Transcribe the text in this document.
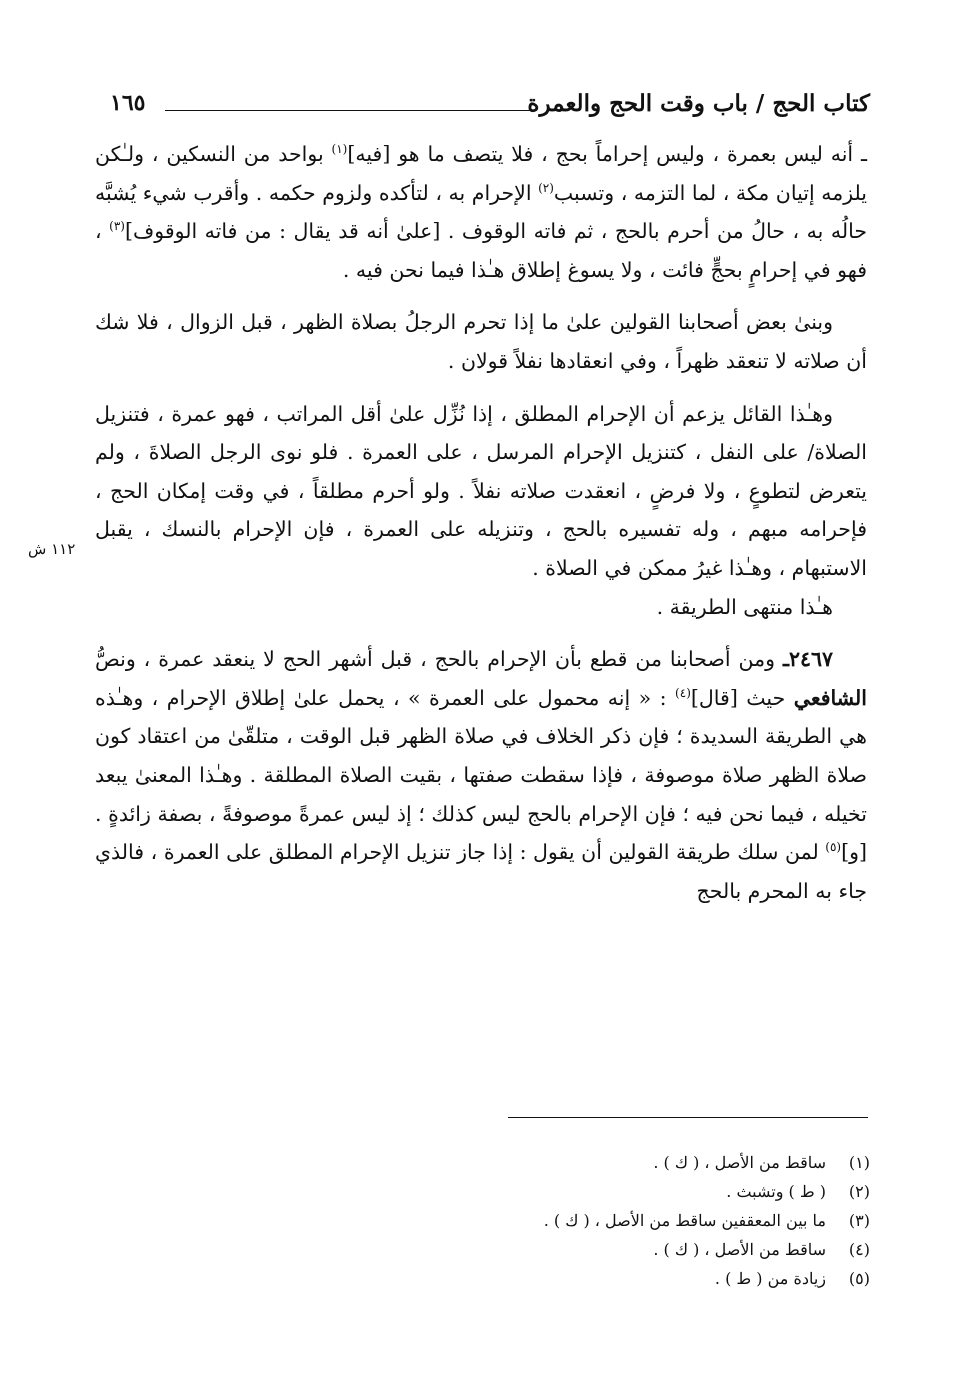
كتاب الحج / باب وقت الحج والعمرة
١٦٥
١١٢ ش

ـ أنه ليس بعمرة ، وليس إحراماً بحج ، فلا يتصف ما هو [فيه]$^{(١)}$ بواحد من النسكين ، ولـٰكن يلزمه إتيان مكة ، لما التزمه ، وتسبب$^{(٢)}$ الإحرام به ، لتأكده ولزوم حكمه . وأقرب شيء يُشبَّه حالُه به ، حالُ من أحرم بالحج ، ثم فاته الوقوف . [علىٰ أنه قد يقال : من فاته الوقوف]$^{(٣)}$ ، فهو في إحرامٍ بحجٍّ فائت ، ولا يسوغ إطلاق هـٰذا فيما نحن فيه .

وبنىٰ بعض أصحابنا القولين علىٰ ما إذا تحرم الرجلُ بصلاة الظهر ، قبل الزوال ، فلا شك أن صلاته لا تنعقد ظهراً ، وفي انعقادها نفلاً قولان .

وهـٰذا القائل يزعم أن الإحرام المطلق ، إذا نُزِّل علىٰ أقل المراتب ، فهو عمرة ، فتنزيل الصلاة/ على النفل ، كتنزيل الإحرام المرسل ، على العمرة . فلو نوى الرجل الصلاةَ ، ولم يتعرض لتطوعٍ ، ولا فرضٍ ، انعقدت صلاته نفلاً . ولو أحرم مطلقاً ، في وقت إمكان الحج ، فإحرامه مبهم ، وله تفسيره بالحج ، وتنزيله على العمرة ، فإن الإحرام بالنسك ، يقبل الاستبهام ، وهـٰذا غيرُ ممكن في الصلاة .

هـٰذا منتهى الطريقة .

٢٤٦٧ـ ومن أصحابنا من قطع بأن الإحرام بالحج ، قبل أشهر الحج لا ينعقد عمرة ، ونصُّ الشافعي حيث [قال]$^{(٤)}$ : « إنه محمول على العمرة » ، يحمل علىٰ إطلاق الإحرام ، وهـٰذه هي الطريقة السديدة ؛ فإن ذكر الخلاف في صلاة الظهر قبل الوقت ، متلقّىٰ من اعتقاد كون صلاة الظهر صلاة موصوفة ، فإذا سقطت صفتها ، بقيت الصلاة المطلقة . وهـٰذا المعنىٰ يبعد تخيله ، فيما نحن فيه ؛ فإن الإحرام بالحج ليس كذلك ؛ إذ ليس عمرةً موصوفةً ، بصفة زائدةٍ . [و]$^{(٥)}$ لمن سلك طريقة القولين أن يقول : إذا جاز تنزيل الإحرام المطلق على العمرة ، فالذي جاء به المحرم بالحج

(١)ساقط من الأصل ، ( ك ) .
(٢)( ط ) وتشبث .
(٣)ما بين المعقفين ساقط من الأصل ، ( ك ) .
(٤)ساقط من الأصل ، ( ك ) .
(٥)زيادة من ( ط ) .
